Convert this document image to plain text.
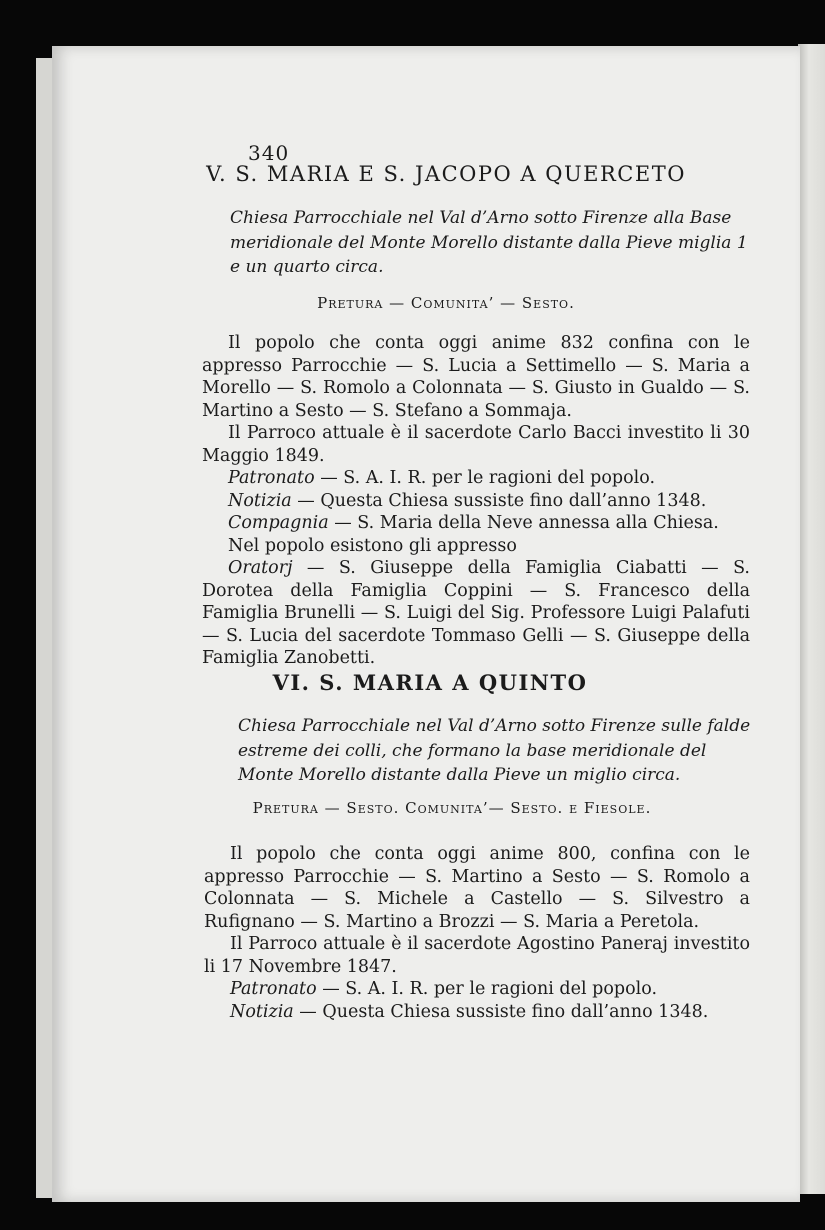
340
V. S. MARIA E S. JACOPO A QUERCETO
Chiesa Parrocchiale nel Val d’Arno sotto Firenze alla Base meridionale del Monte Morello distante dalla Pieve miglia 1 e un quarto circa.
Pretura — Comunita’ — Sesto.

Il popolo che conta oggi anime 832 confina con le appresso Parrocchie — S. Lucia a Settimello — S. Maria a Morello — S. Romolo a Colonnata — S. Giusto in Gualdo — S. Martino a Sesto — S. Stefano a Sommaja.

Il Parroco attuale è il sacerdote Carlo Bacci investito li 30 Maggio 1849.

Patronato — S. A. I. R. per le ragioni del popolo.

Notizia — Questa Chiesa sussiste fino dall’anno 1348.

Compagnia — S. Maria della Neve annessa alla Chiesa.

Nel popolo esistono gli appresso

Oratorj — S. Giuseppe della Famiglia Ciabatti — S. Dorotea della Famiglia Coppini — S. Francesco della Famiglia Brunelli — S. Luigi del Sig. Professore Luigi Palafuti — S. Lucia del sacerdote Tommaso Gelli — S. Giuseppe della Famiglia Zanobetti.

VI. S. MARIA A QUINTO
Chiesa Parrocchiale nel Val d’Arno sotto Firenze sulle falde estreme dei colli, che formano la base meridionale del Monte Morello distante dalla Pieve un miglio circa.
Pretura — Sesto. Comunita’— Sesto. e Fiesole.

Il popolo che conta oggi anime 800, confina con le appresso Parrocchie — S. Martino a Sesto — S. Romolo a Colonnata — S. Michele a Castello — S. Silvestro a Rufignano — S. Martino a Brozzi — S. Maria a Peretola.

Il Parroco attuale è il sacerdote Agostino Paneraj investito li 17 Novembre 1847.

Patronato — S. A. I. R. per le ragioni del popolo.

Notizia — Questa Chiesa sussiste fino dall’anno 1348.
